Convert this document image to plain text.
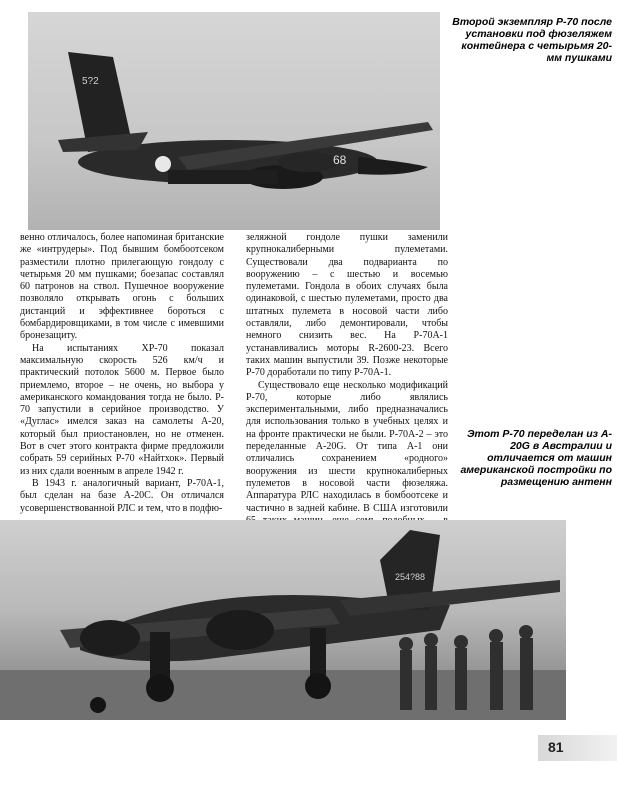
5?2
68
Второй экземпляр P-70 после установки под фюзеляжем контейнера с четырьмя 20-мм пушками

венно отличалось, более напоминая британские же «интрудеры». Под бывшим бомбоотсеком разместили плотно прилегающую гондолу с четырьмя 20 мм пушками; боезапас составлял 60 патронов на ствол. Пушечное вооружение позволяло открывать огонь с больших дистанций и эффективнее бороться с бомбардировщиками, в том числе с имевшими бронезащиту.

На испытаниях XP-70 показал максимальную скорость 526 км/ч и практический потолок 5600 м. Первое было приемлемо, второе – не очень, но выбора у американского командования тогда не было. P-70 запустили в серийное производство. У «Дуглас» имелся заказ на самолеты A-20, который был приостановлен, но не отменен. Вот в счет этого контракта фирме предложили собрать 59 серийных P-70 «Найтхок». Первый из них сдали военным в апреле 1942 г.

В 1943 г. аналогичный вариант, P-70A-1, был сделан на базе A-20C. Он отличался усовершенствованной РЛС и тем, что в подфю-

зеляжной гондоле пушки заменили крупнокалиберными пулеметами. Существовали два подварианта по вооружению – с шестью и восемью пулеметами. Гондола в обоих случаях была одинаковой, с шестью пулеметами, просто два штатных пулемета в носовой части либо оставляли, либо демонтировали, чтобы немного снизить вес. На P-70A-1 устанавливались моторы R-2600-23. Всего таких машин выпустили 39. Позже некоторые P-70 доработали по типу P-70A-1.

Существовало еще несколько модификаций P-70, которые либо являлись экспериментальными, либо предназначались для использования только в учебных целях и на фронте практически не были. P-70A-2 – это переделанные A-20G. От типа A-1 они отличались сохранением «родного» вооружения из шести крупнокалиберных пулеметов в носовой части фюзеляжа. Аппаратура РЛС находилась в бомбоотсеке и частично в задней кабине. В США изготовили

Этот P-70 переделан из A-20G в Австралии и отличается от машин американской постройки по размещению антенн
254?88
81
